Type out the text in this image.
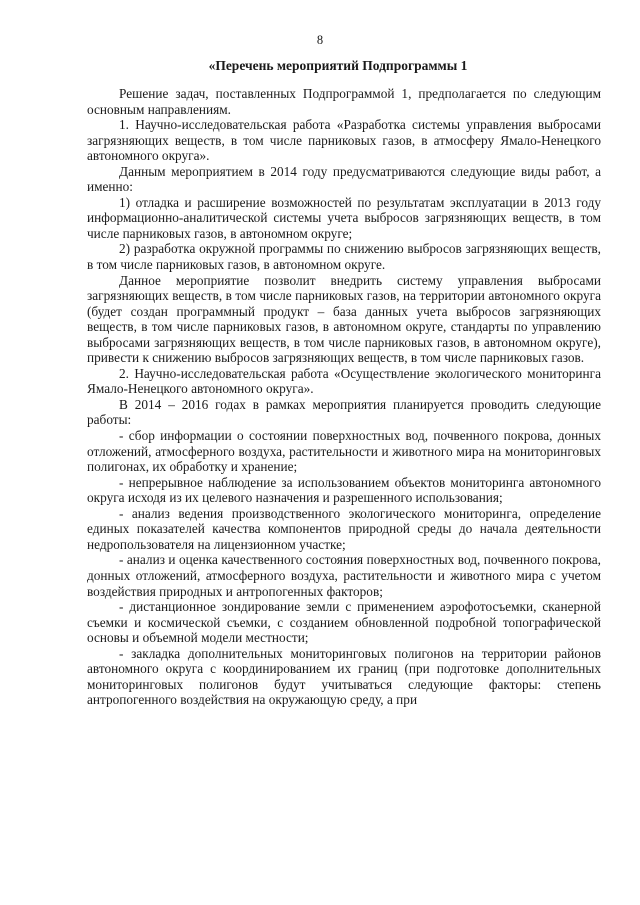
8
«Перечень мероприятий Подпрограммы 1

Решение задач, поставленных Подпрограммой 1, предполагается по следующим основным направлениям.

1. Научно-исследовательская работа «Разработка системы управления выбросами загрязняющих веществ, в том числе парниковых газов, в атмосферу Ямало-Ненецкого автономного округа».

Данным мероприятием в 2014 году предусматриваются следующие виды работ, а именно:

1) отладка и расширение возможностей по результатам эксплуатации в 2013 году информационно-аналитической системы учета выбросов загрязняющих веществ, в том числе парниковых газов, в автономном округе;

2) разработка окружной программы по снижению выбросов загрязняющих веществ, в том числе парниковых газов, в автономном округе.

Данное мероприятие позволит внедрить систему управления выбросами загрязняющих веществ, в том числе парниковых газов, на территории автономного округа (будет создан программный продукт – база данных учета выбросов загрязняющих веществ, в том числе парниковых газов, в автономном округе, стандарты по управлению выбросами загрязняющих веществ, в том числе парниковых газов, в автономном округе), привести к снижению выбросов загрязняющих веществ, в том числе парниковых газов.

2. Научно-исследовательская работа «Осуществление экологического мониторинга Ямало-Ненецкого автономного округа».

В 2014 – 2016 годах в рамках мероприятия планируется проводить следующие работы:

- сбор информации о состоянии поверхностных вод, почвенного покрова, донных отложений, атмосферного воздуха, растительности и животного мира на мониторинговых полигонах, их обработку и хранение;

- непрерывное наблюдение за использованием объектов мониторинга автономного округа исходя из их целевого назначения и разрешенного использования;

- анализ ведения производственного экологического мониторинга, определение единых показателей качества компонентов природной среды до начала деятельности недропользователя на лицензионном участке;

- анализ и оценка качественного состояния поверхностных вод, почвенного покрова, донных отложений, атмосферного воздуха, растительности и животного мира с учетом воздействия природных и антропогенных факторов;

- дистанционное зондирование земли с применением аэрофотосъемки, сканерной съемки и космической съемки, с созданием обновленной подробной топографической основы и объемной модели местности;

- закладка дополнительных мониторинговых полигонов на территории районов автономного округа с координированием их границ (при подготовке дополнительных мониторинговых полигонов будут учитываться следующие факторы: степень антропогенного воздействия на окружающую среду, а при
